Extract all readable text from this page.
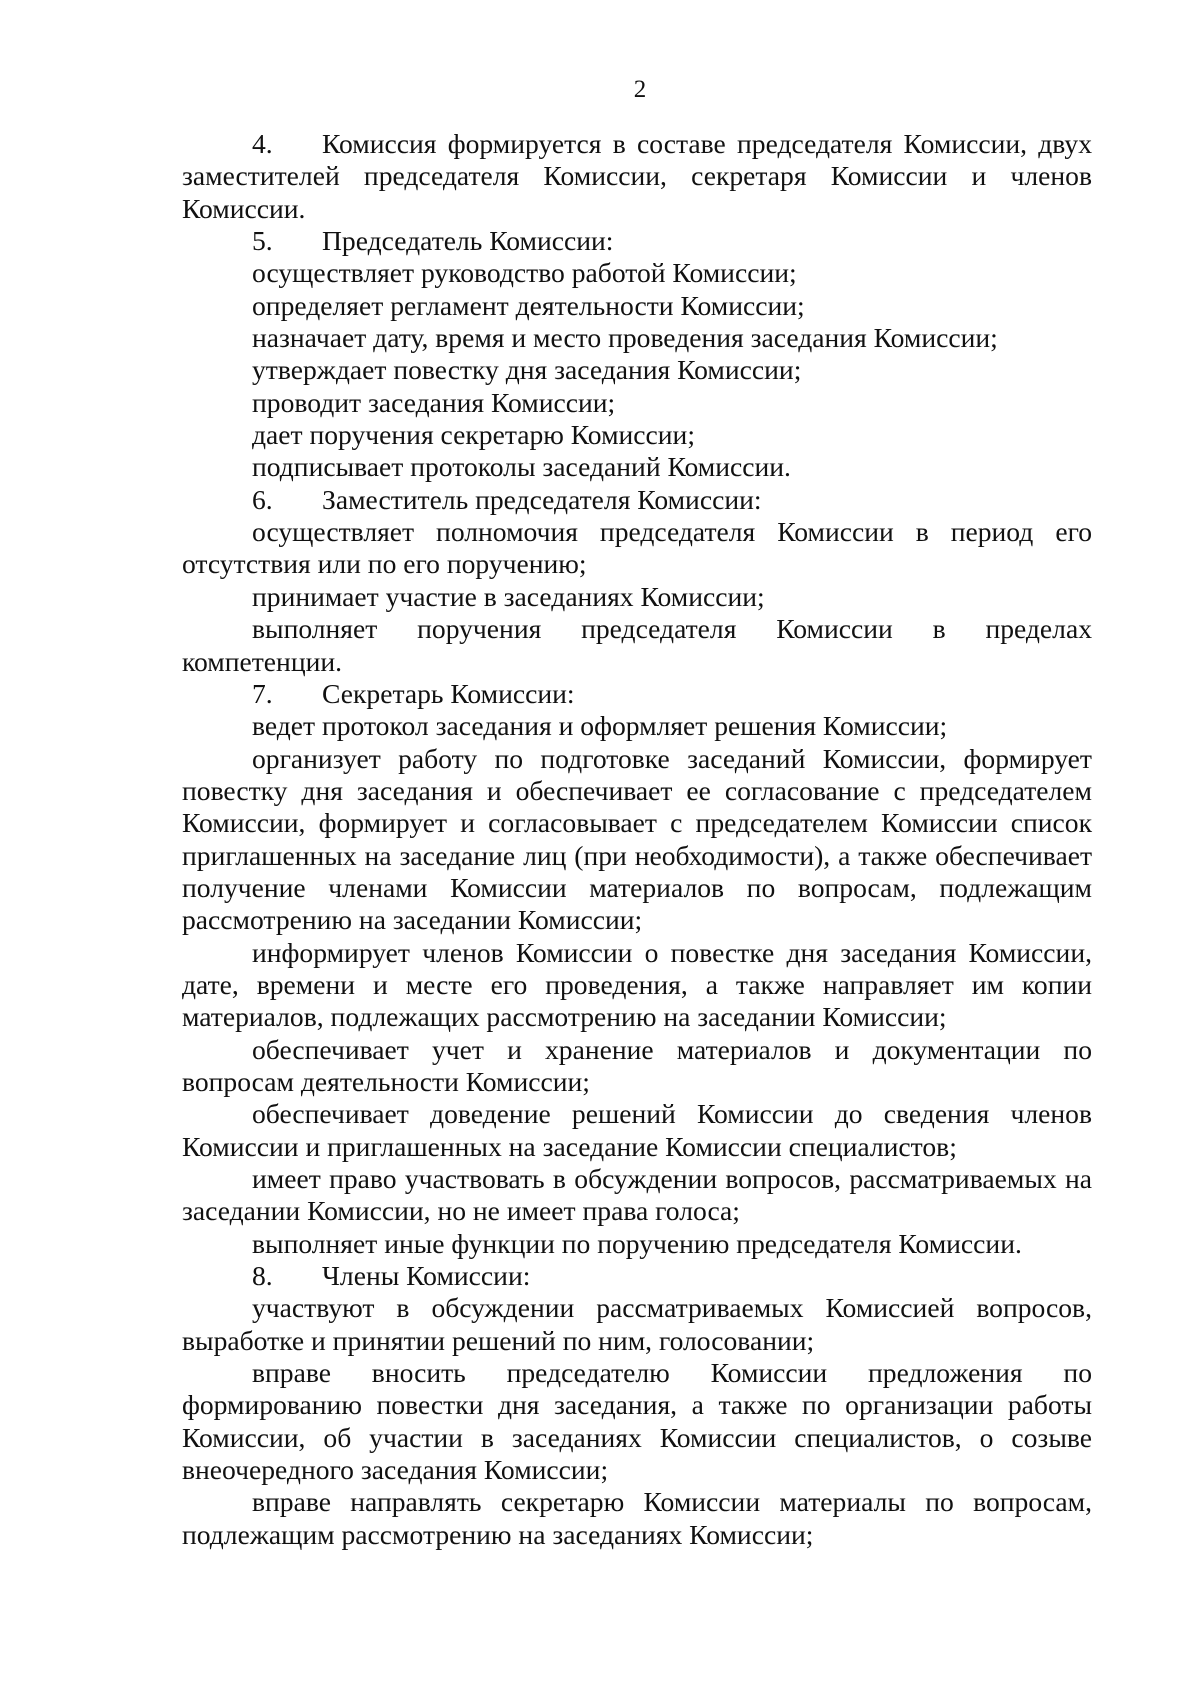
2

4. Комиссия формируется в составе председателя Комиссии, двух заместителей председателя Комиссии, секретаря Комиссии и членов Комиссии.

5. Председатель Комиссии:

осуществляет руководство работой Комиссии;

определяет регламент деятельности Комиссии;

назначает дату, время и место проведения заседания Комиссии;

утверждает повестку дня заседания Комиссии;

проводит заседания Комиссии;

дает поручения секретарю Комиссии;

подписывает протоколы заседаний Комиссии.

6. Заместитель председателя Комиссии:

осуществляет полномочия председателя Комиссии в период его отсутствия или по его поручению;

принимает участие в заседаниях Комиссии;

выполняет поручения председателя Комиссии в пределах компетенции.

7. Секретарь Комиссии:

ведет протокол заседания и оформляет решения Комиссии;

организует работу по подготовке заседаний Комиссии, формирует повестку дня заседания и обеспечивает ее согласование с председателем Комиссии, формирует и согласовывает с председателем Комиссии список приглашенных на заседание лиц (при необходимости), а также обеспечивает получение членами Комиссии материалов по вопросам, подлежащим рассмотрению на заседании Комиссии;

информирует членов Комиссии о повестке дня заседания Комиссии, дате, времени и месте его проведения, а также направляет им копии материалов, подлежащих рассмотрению на заседании Комиссии;

обеспечивает учет и хранение материалов и документации по вопросам деятельности Комиссии;

обеспечивает доведение решений Комиссии до сведения членов Комиссии и приглашенных на заседание Комиссии специалистов;

имеет право участвовать в обсуждении вопросов, рассматриваемых на заседании Комиссии, но не имеет права голоса;

выполняет иные функции по поручению председателя Комиссии.

8. Члены Комиссии:

участвуют в обсуждении рассматриваемых Комиссией вопросов, выработке и принятии решений по ним, голосовании;

вправе вносить председателю Комиссии предложения по формированию повестки дня заседания, а также по организации работы Комиссии, об участии в заседаниях Комиссии специалистов, о созыве внеочередного заседания Комиссии;

вправе направлять секретарю Комиссии материалы по вопросам, подлежащим рассмотрению на заседаниях Комиссии;
